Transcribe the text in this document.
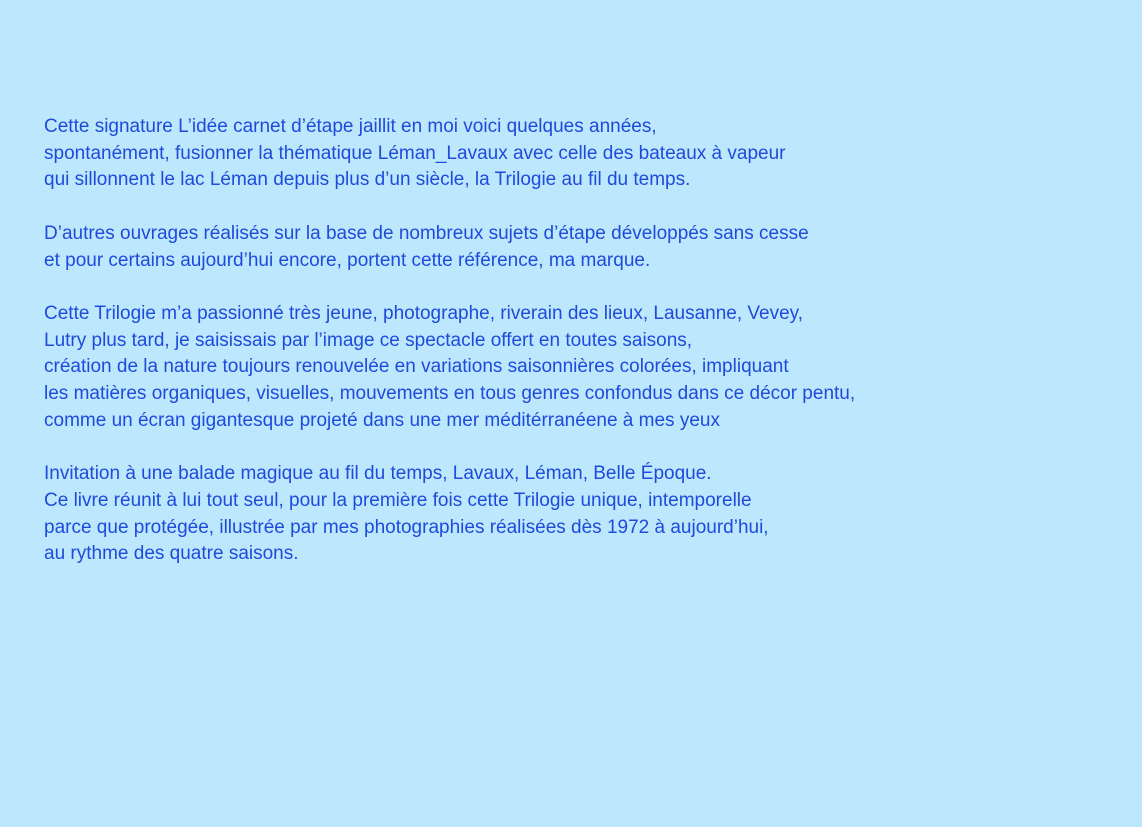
Cette signature L’idée carnet d’étape jaillit en moi voici quelques années,
spontanément, fusionner la thématique Léman_Lavaux avec celle des bateaux à vapeur
qui sillonnent le lac Léman depuis plus d’un siècle, la Trilogie au fil du temps.

D’autres ouvrages réalisés sur la base de nombreux sujets d’étape développés sans cesse
et pour certains aujourd’hui encore, portent cette référence, ma marque.

Cette Trilogie m’a passionné très jeune, photographe, riverain des lieux, Lausanne, Vevey,
Lutry plus tard, je saisissais par l’image ce spectacle offert en toutes saisons,
création de la nature toujours renouvelée en variations saisonnières colorées, impliquant
les matières organiques, visuelles, mouvements en tous genres confondus dans ce décor pentu,
comme un écran gigantesque projeté dans une mer méditérranéene à mes yeux

Invitation à une balade magique au fil du temps, Lavaux, Léman, Belle Époque.
Ce livre réunit à lui tout seul, pour la première fois cette Trilogie unique, intemporelle
parce que protégée, illustrée par mes photographies réalisées dès 1972 à aujourd’hui,
au rythme des quatre saisons.
